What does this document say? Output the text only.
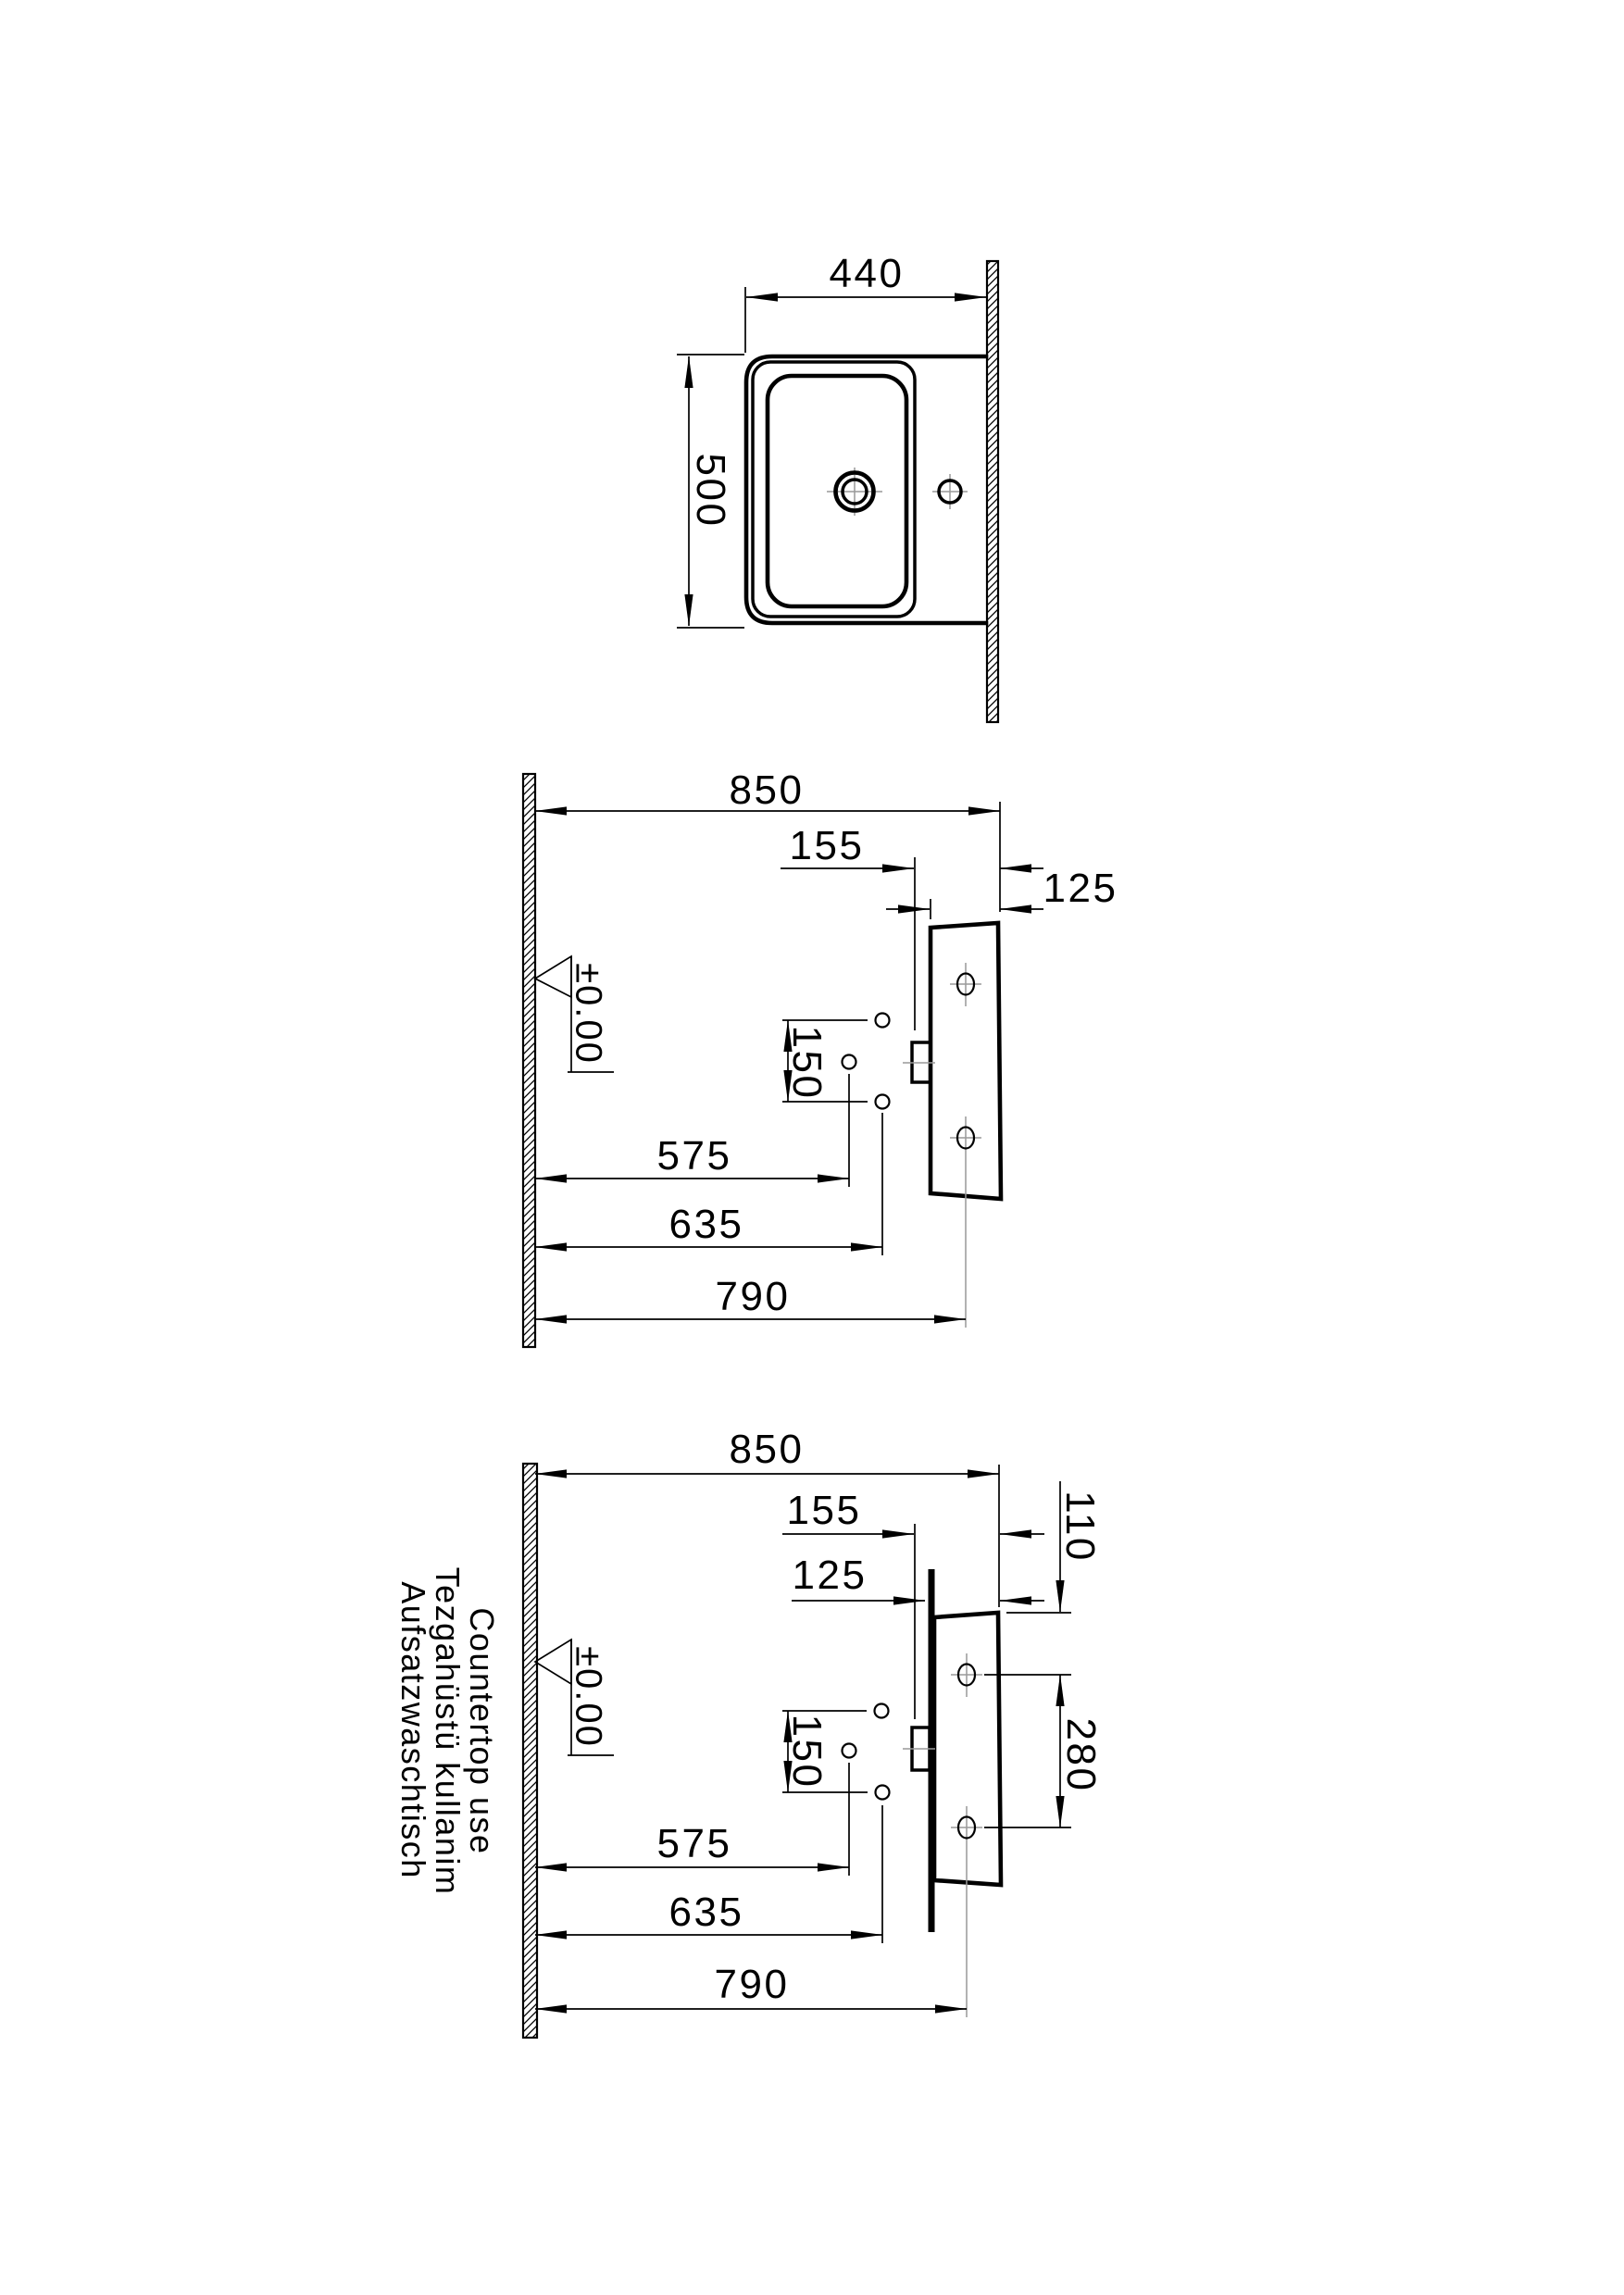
440
500
850
155
125
±0.00	150
575
635
790
Countertop use
Tezgahüstü kullanim
Aufsatzwaschtisch
850
155
125
110
±0.00
280
150
575
635
790
